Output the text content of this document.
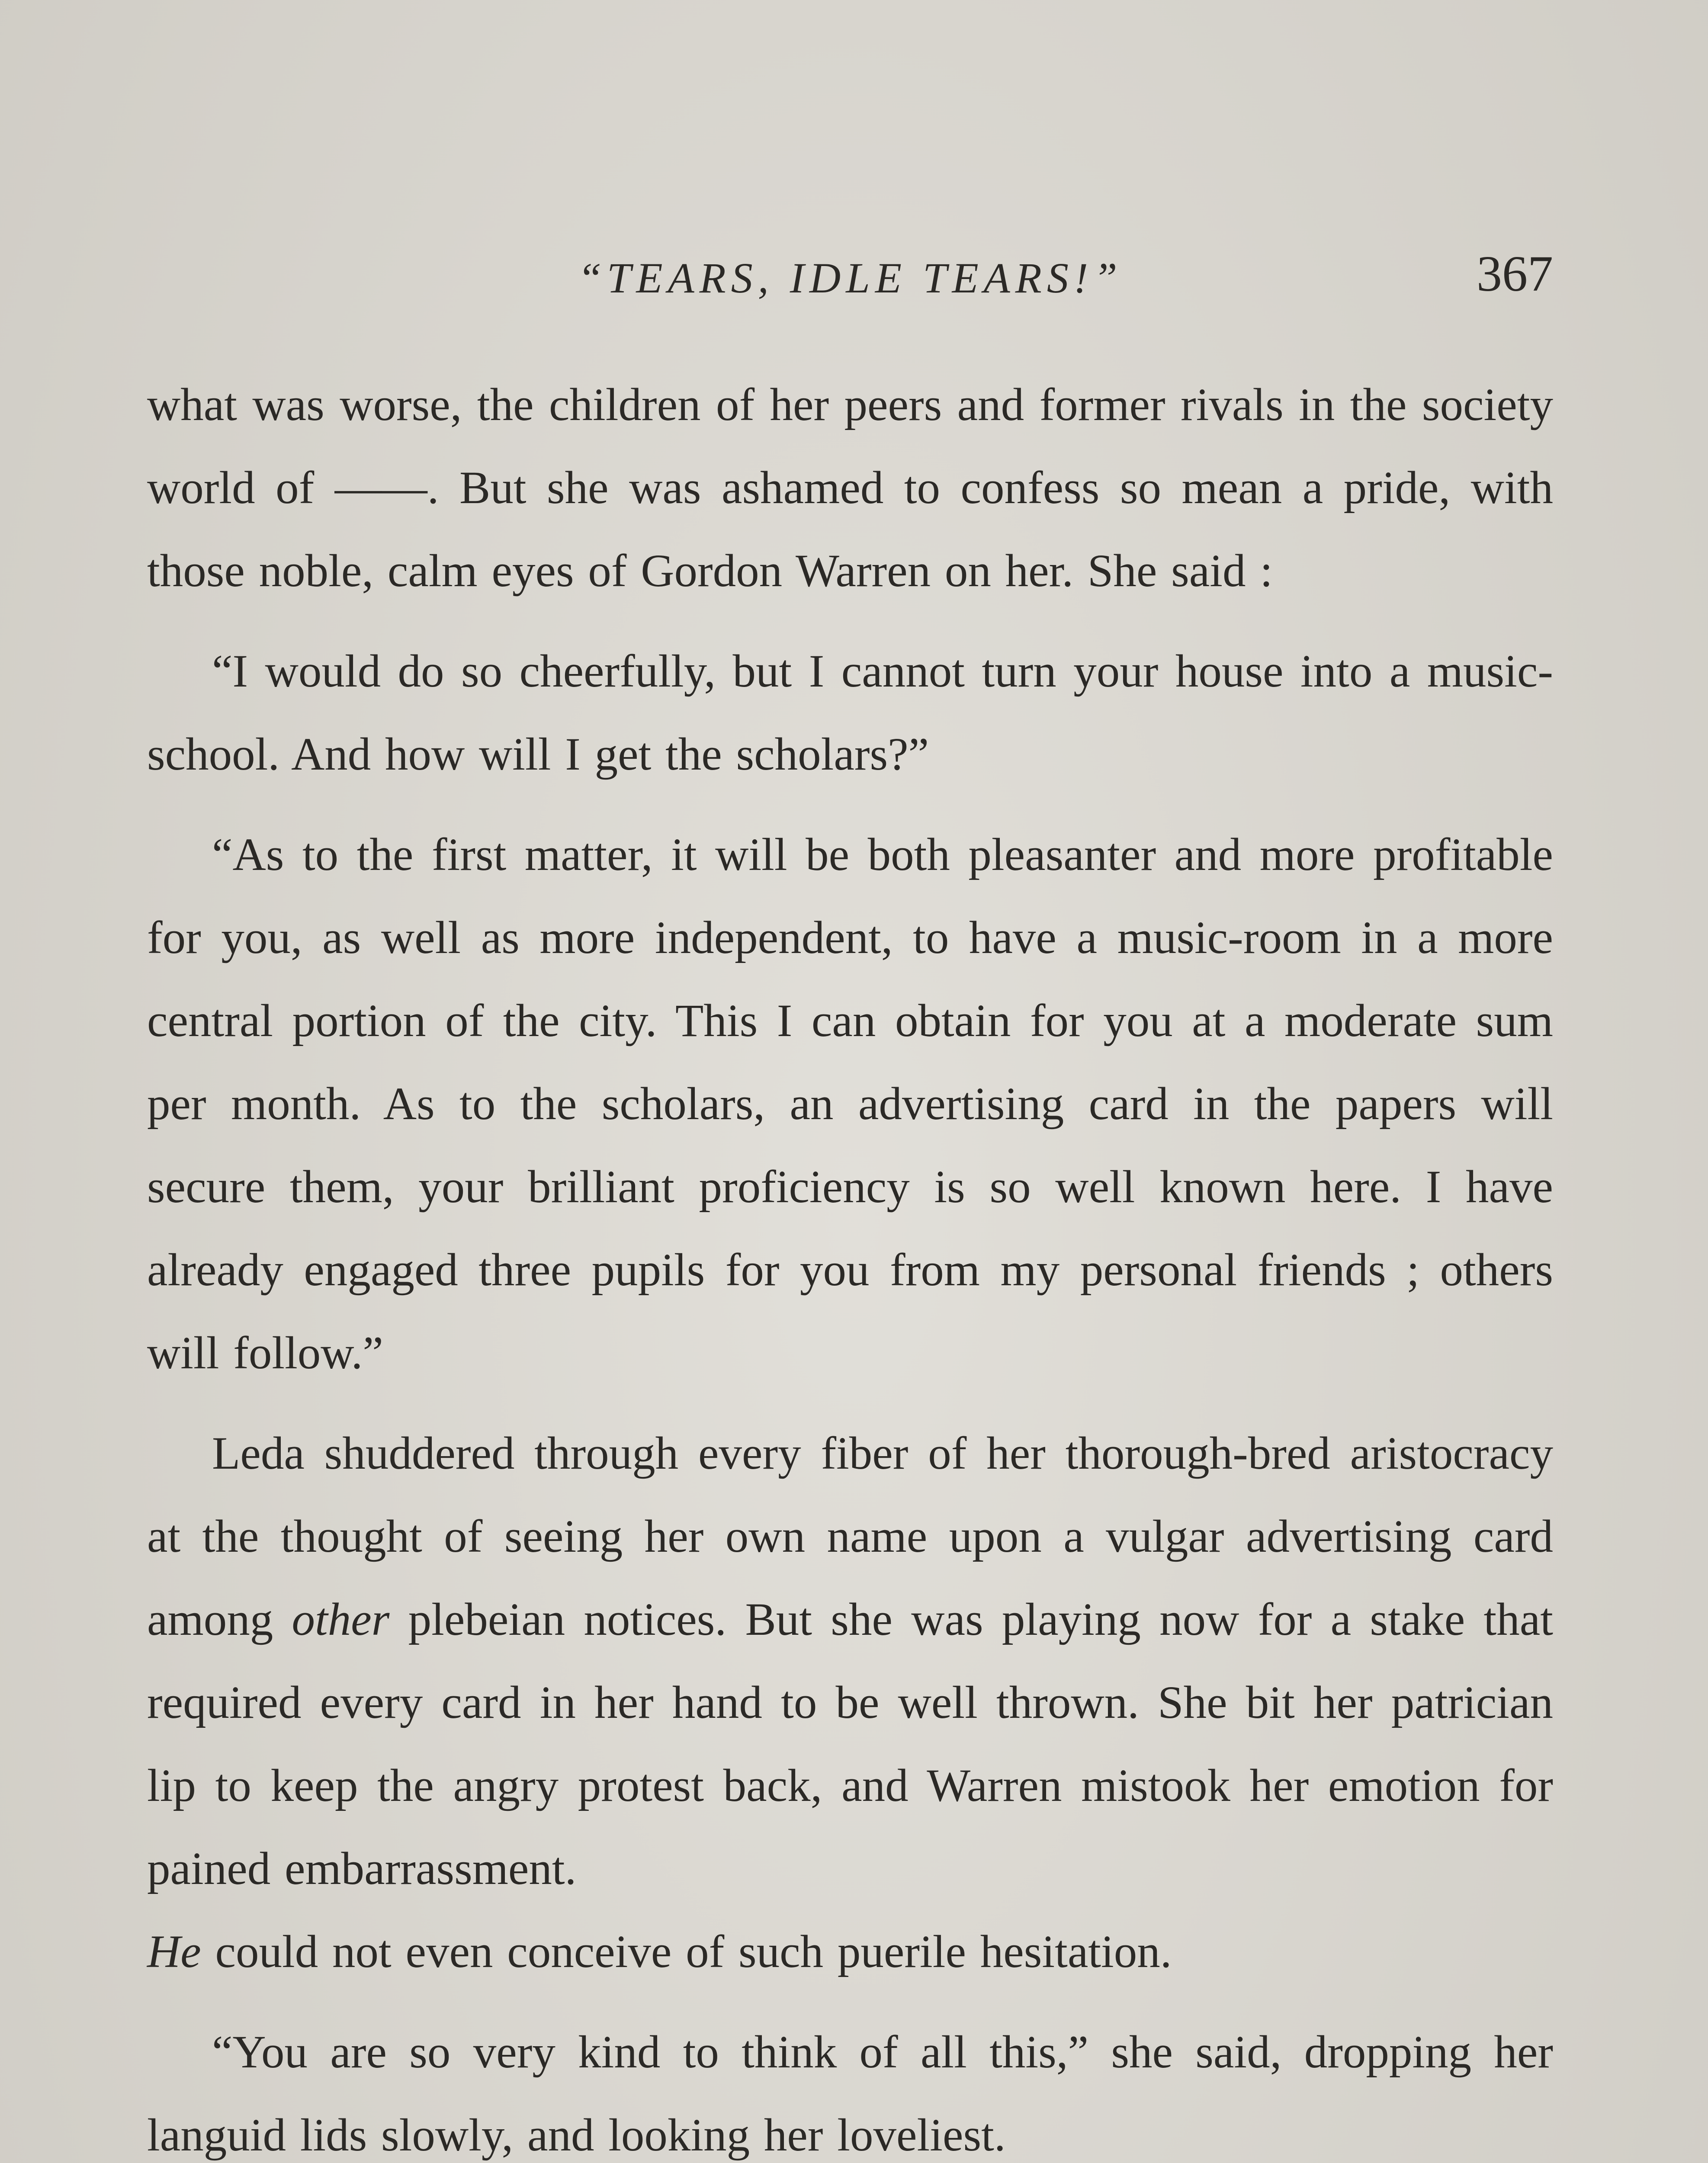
“TEARS, IDLE TEARS!”	367

what was worse, the children of her peers and former rivals in the society world of ——. But she was ashamed to confess so mean a pride, with those noble, calm eyes of Gordon Warren on her. She said :

“I would do so cheerfully, but I cannot turn your house into a music-school. And how will I get the scholars?”

“As to the first matter, it will be both pleasanter and more profitable for you, as well as more independent, to have a music-room in a more central portion of the city. This I can obtain for you at a moderate sum per month. As to the scholars, an advertising card in the papers will secure them, your brilliant proficiency is so well known here. I have already engaged three pupils for you from my personal friends ; others will follow.”

Leda shuddered through every fiber of her thorough-bred aristocracy at the thought of seeing her own name upon a vulgar advertising card among other plebeian notices. But she was playing now for a stake that required every card in her hand to be well thrown. She bit her patrician lip to keep the angry protest back, and Warren mistook her emotion for pained embarrassment.
He could not even conceive of such puerile hesitation.

“You are so very kind to think of all this,” she said, dropping her languid lids slowly, and looking her loveliest.
